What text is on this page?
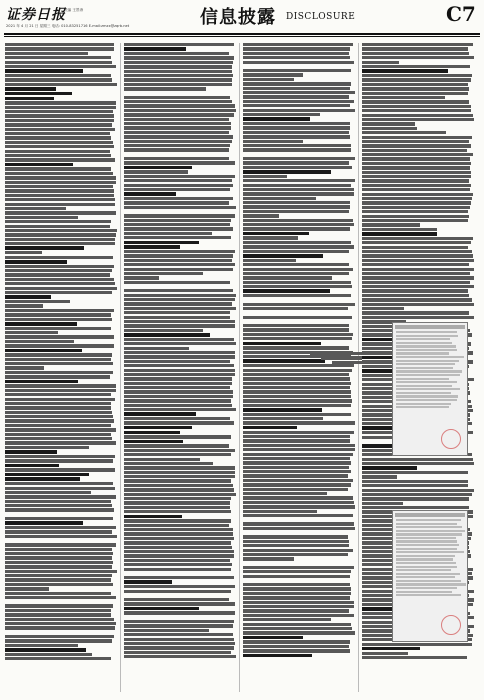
证券日报
责编 王景涛
2021 年 4 月 21 日 星期三 电话: 010-83251716 E-mail:zmzx@zqrb.net	信息披露 DISCLOSURE	C7
